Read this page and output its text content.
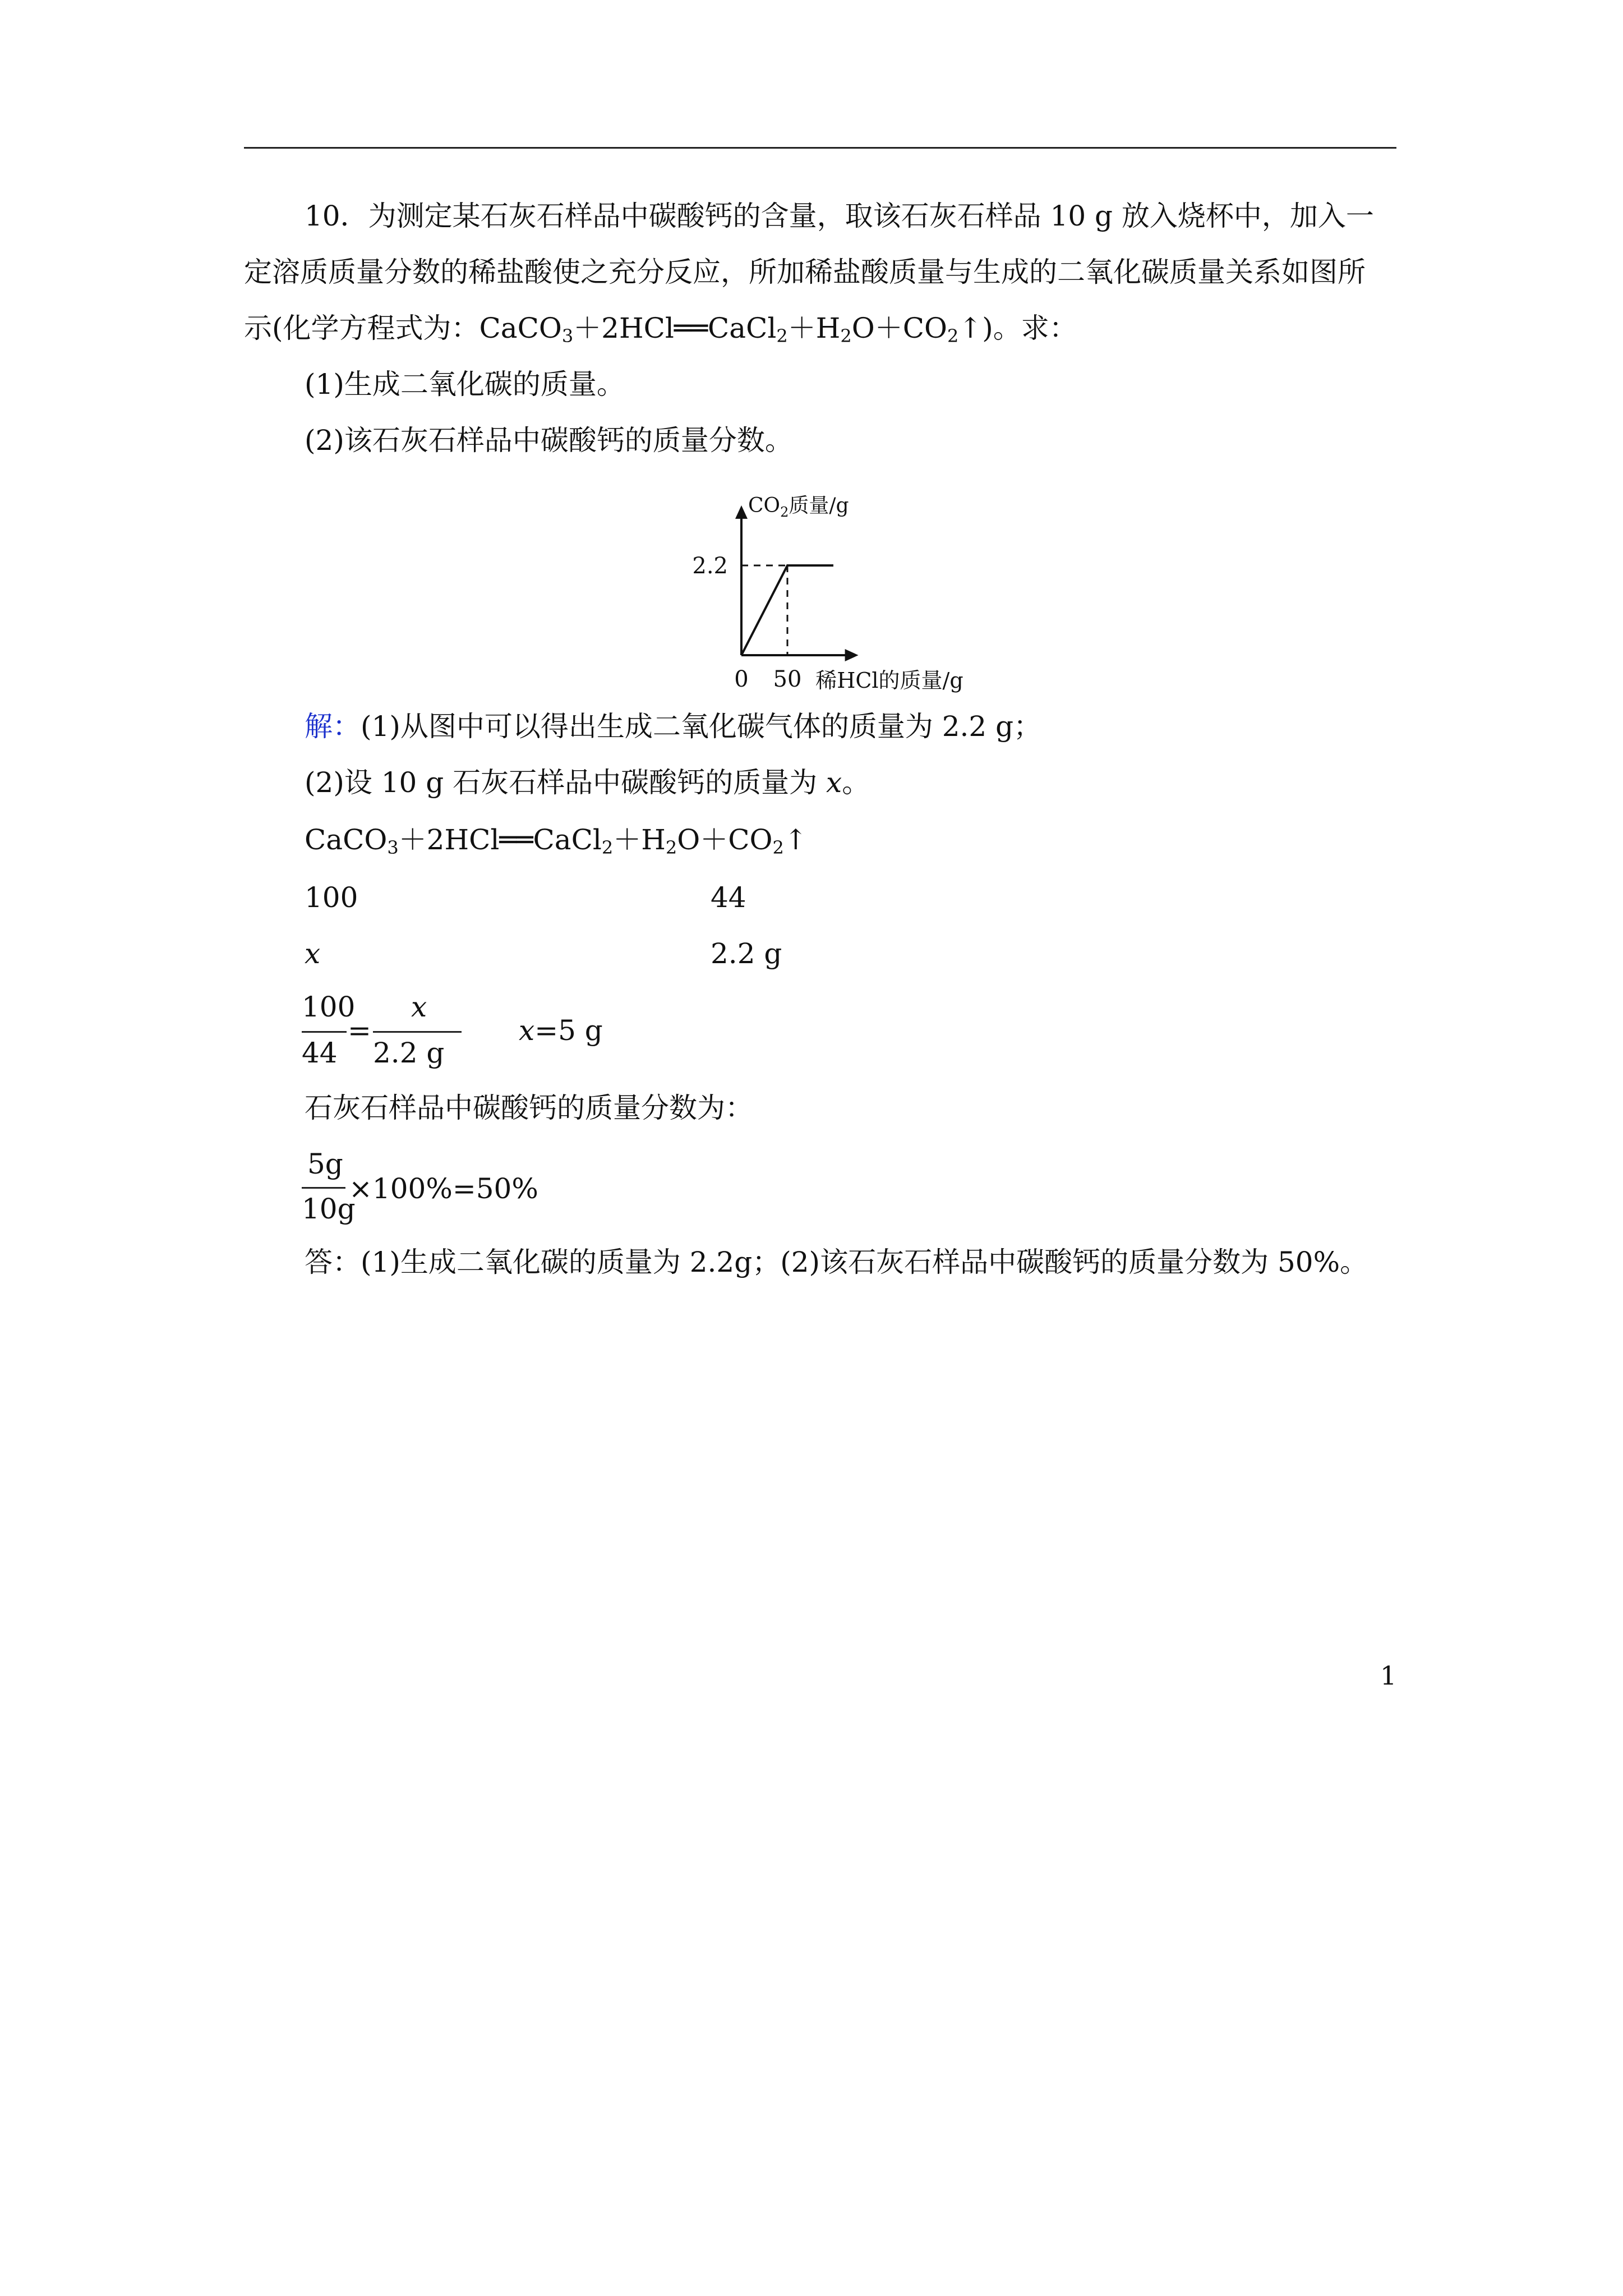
10．为测定某石灰石样品中碳酸钙的含量，取该石灰石样品 10 g 放入烧杯中，加入一
定溶质质量分数的稀盐酸使之充分反应，所加稀盐酸质量与生成的二氧化碳质量关系如图所
示(化学方程式为：$CaCO_3+2HCl══CaCl_2+H_2O+CO_2↑$)。求：
(1)生成二氧化碳的质量。
(2)该石灰石样品中碳酸钙的质量分数。
$CO_2$质量/g
稀HCl的质量/g
0 50
2.2
解：(1)从图中可以得出生成二氧化碳气体的质量为 2.2 g；
(2)设 10 g 石灰石样品中碳酸钙的质量为 x。
$CaCO_3+2HCl══CaCl_2+H_2O+CO_2↑$
100	44
x	2.2 g
100
44
=
x
2.2 g
x=5 g
石灰石样品中碳酸钙的质量分数为：
5g
10g
×100%=50%
答：(1)生成二氧化碳的质量为 2.2g；(2)该石灰石样品中碳酸钙的质量分数为 50%。
1
